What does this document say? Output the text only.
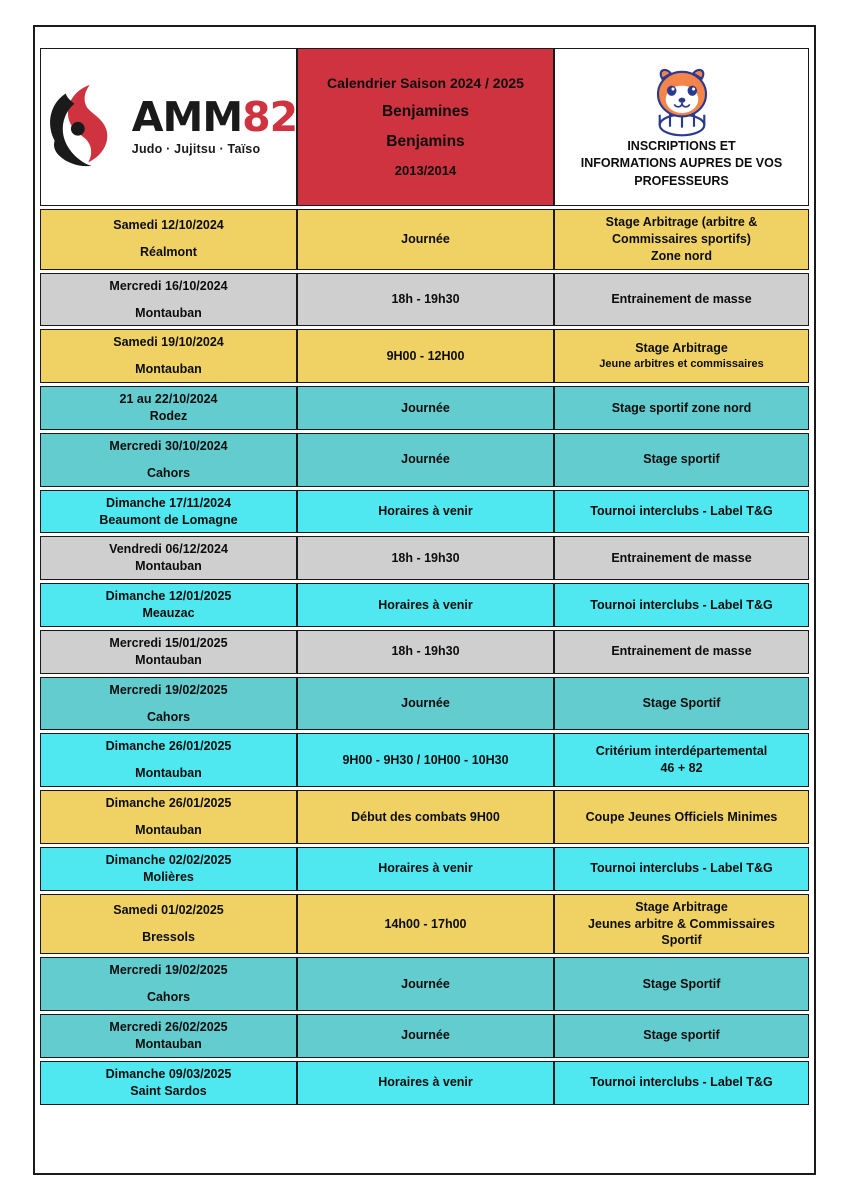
AMM82
Judo · Jujitsu · Taïso

Calendrier Saison 2024 / 2025
Benjamines
Benjamins
2013/2014

INSCRIPTIONS ET
INFORMATIONS AUPRES DE VOS
PROFESSEURS

Samedi 12/10/2024
Réalmont	Journée	Stage Arbitrage (arbitre &
Commissaires sportifs)
Zone nord

Mercredi 16/10/2024
Montauban	18h - 19h30	Entrainement de masse

Samedi 19/10/2024
Montauban	9H00 - 12H00	Stage Arbitrage
Jeune arbitres et commissaires

21 au 22/10/2024
Rodez	Journée	Stage sportif zone nord

Mercredi 30/10/2024
Cahors	Journée	Stage sportif

Dimanche 17/11/2024
Beaumont de Lomagne	Horaires à venir	Tournoi interclubs - Label T&G

Vendredi 06/12/2024
Montauban	18h - 19h30	Entrainement de masse

Dimanche 12/01/2025
Meauzac	Horaires à venir	Tournoi interclubs - Label T&G

Mercredi 15/01/2025
Montauban	18h - 19h30	Entrainement de masse

Mercredi 19/02/2025
Cahors	Journée	Stage Sportif

Dimanche 26/01/2025
Montauban	9H00 - 9H30 / 10H00 - 10H30	Critérium interdépartemental
46 + 82

Dimanche 26/01/2025
Montauban	Début des combats 9H00	Coupe Jeunes Officiels Minimes

Dimanche 02/02/2025
Molières	Horaires à venir	Tournoi interclubs - Label T&G

Samedi 01/02/2025
Bressols	14h00 - 17h00	Stage Arbitrage
Jeunes arbitre & Commissaires
Sportif

Mercredi 19/02/2025
Cahors	Journée	Stage Sportif

Mercredi 26/02/2025
Montauban	Journée	Stage sportif

Dimanche 09/03/2025
Saint Sardos	Horaires à venir	Tournoi interclubs - Label T&G
